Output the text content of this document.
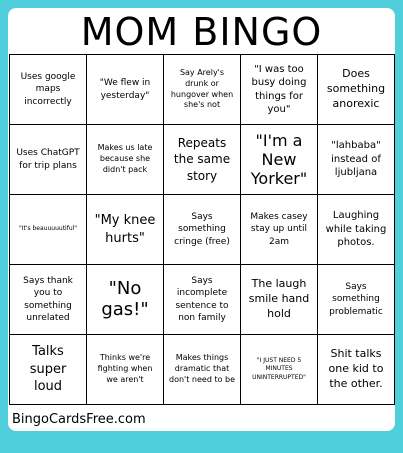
MOM BINGO
Uses google maps incorrectly
"We flew in yesterday"
Say Arely's drunk or hungover when she's not
"I was too busy doing things for you"
Does something anorexic
Uses ChatGPT for trip plans
Makes us late because she didn't pack
Repeats the same story
"I'm a New Yorker"
"lahbaba" instead of ljubljana
"It's beauuuuutiful"
"My knee hurts"
Says something cringe (free)
Makes casey stay up until 2am
Laughing while taking photos.
Says thank you to something unrelated
"No gas!"
Says incomplete sentence to non family
The laugh smile hand hold
Says something problematic
Talks super loud
Thinks we're fighting when we aren't
Makes things dramatic that don't need to be
"I JUST NEED 5 MINUTES UNINTERRUPTED"
Shit talks one kid to the other.
BingoCardsFree.com
